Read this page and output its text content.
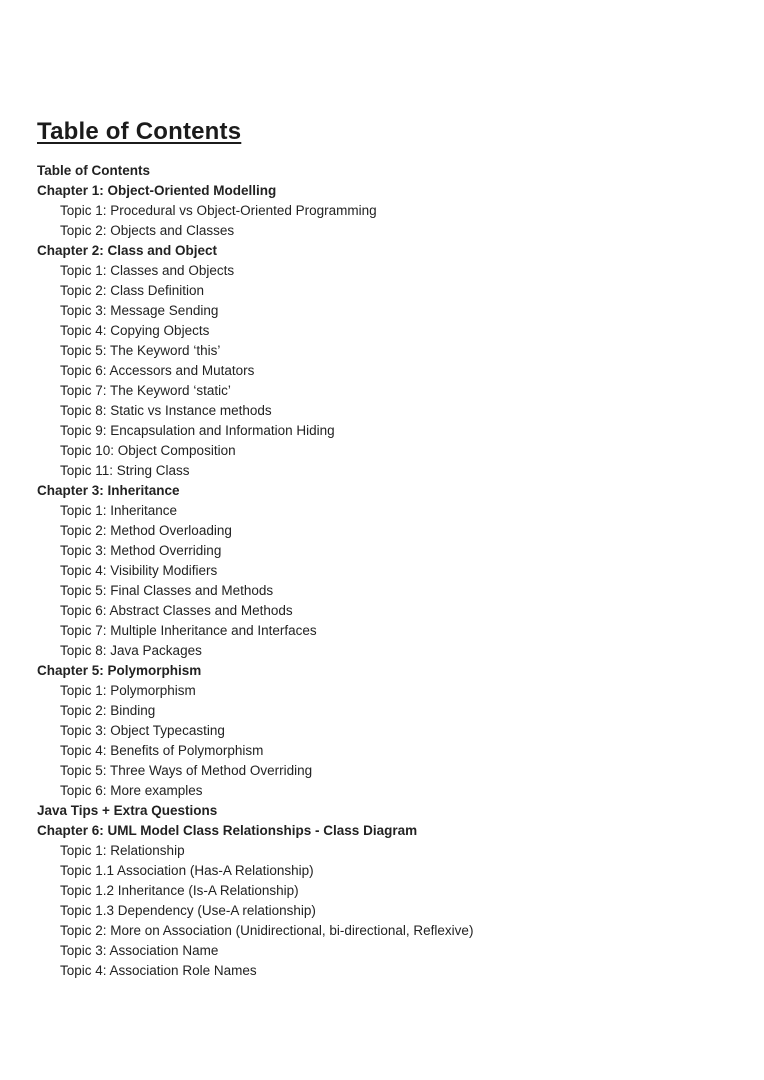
Table of Contents
Table of Contents
Chapter 1: Object-Oriented Modelling
Topic 1: Procedural vs Object-Oriented Programming
Topic 2: Objects and Classes
Chapter 2: Class and Object
Topic 1: Classes and Objects
Topic 2: Class Definition
Topic 3: Message Sending
Topic 4: Copying Objects
Topic 5: The Keyword ‘this’
Topic 6: Accessors and Mutators
Topic 7: The Keyword ‘static’
Topic 8: Static vs Instance methods
Topic 9: Encapsulation and Information Hiding
Topic 10: Object Composition
Topic 11: String Class
Chapter 3: Inheritance
Topic 1: Inheritance
Topic 2: Method Overloading
Topic 3: Method Overriding
Topic 4: Visibility Modifiers
Topic 5: Final Classes and Methods
Topic 6: Abstract Classes and Methods
Topic 7: Multiple Inheritance and Interfaces
Topic 8: Java Packages
Chapter 5: Polymorphism
Topic 1: Polymorphism
Topic 2: Binding
Topic 3: Object Typecasting
Topic 4: Benefits of Polymorphism
Topic 5: Three Ways of Method Overriding
Topic 6: More examples
Java Tips + Extra Questions
Chapter 6: UML Model Class Relationships - Class Diagram
Topic 1: Relationship
Topic 1.1 Association (Has-A Relationship)
Topic 1.2 Inheritance (Is-A Relationship)
Topic 1.3 Dependency (Use-A relationship)
Topic 2: More on Association (Unidirectional, bi-directional, Reflexive)
Topic 3: Association Name
Topic 4: Association Role Names
